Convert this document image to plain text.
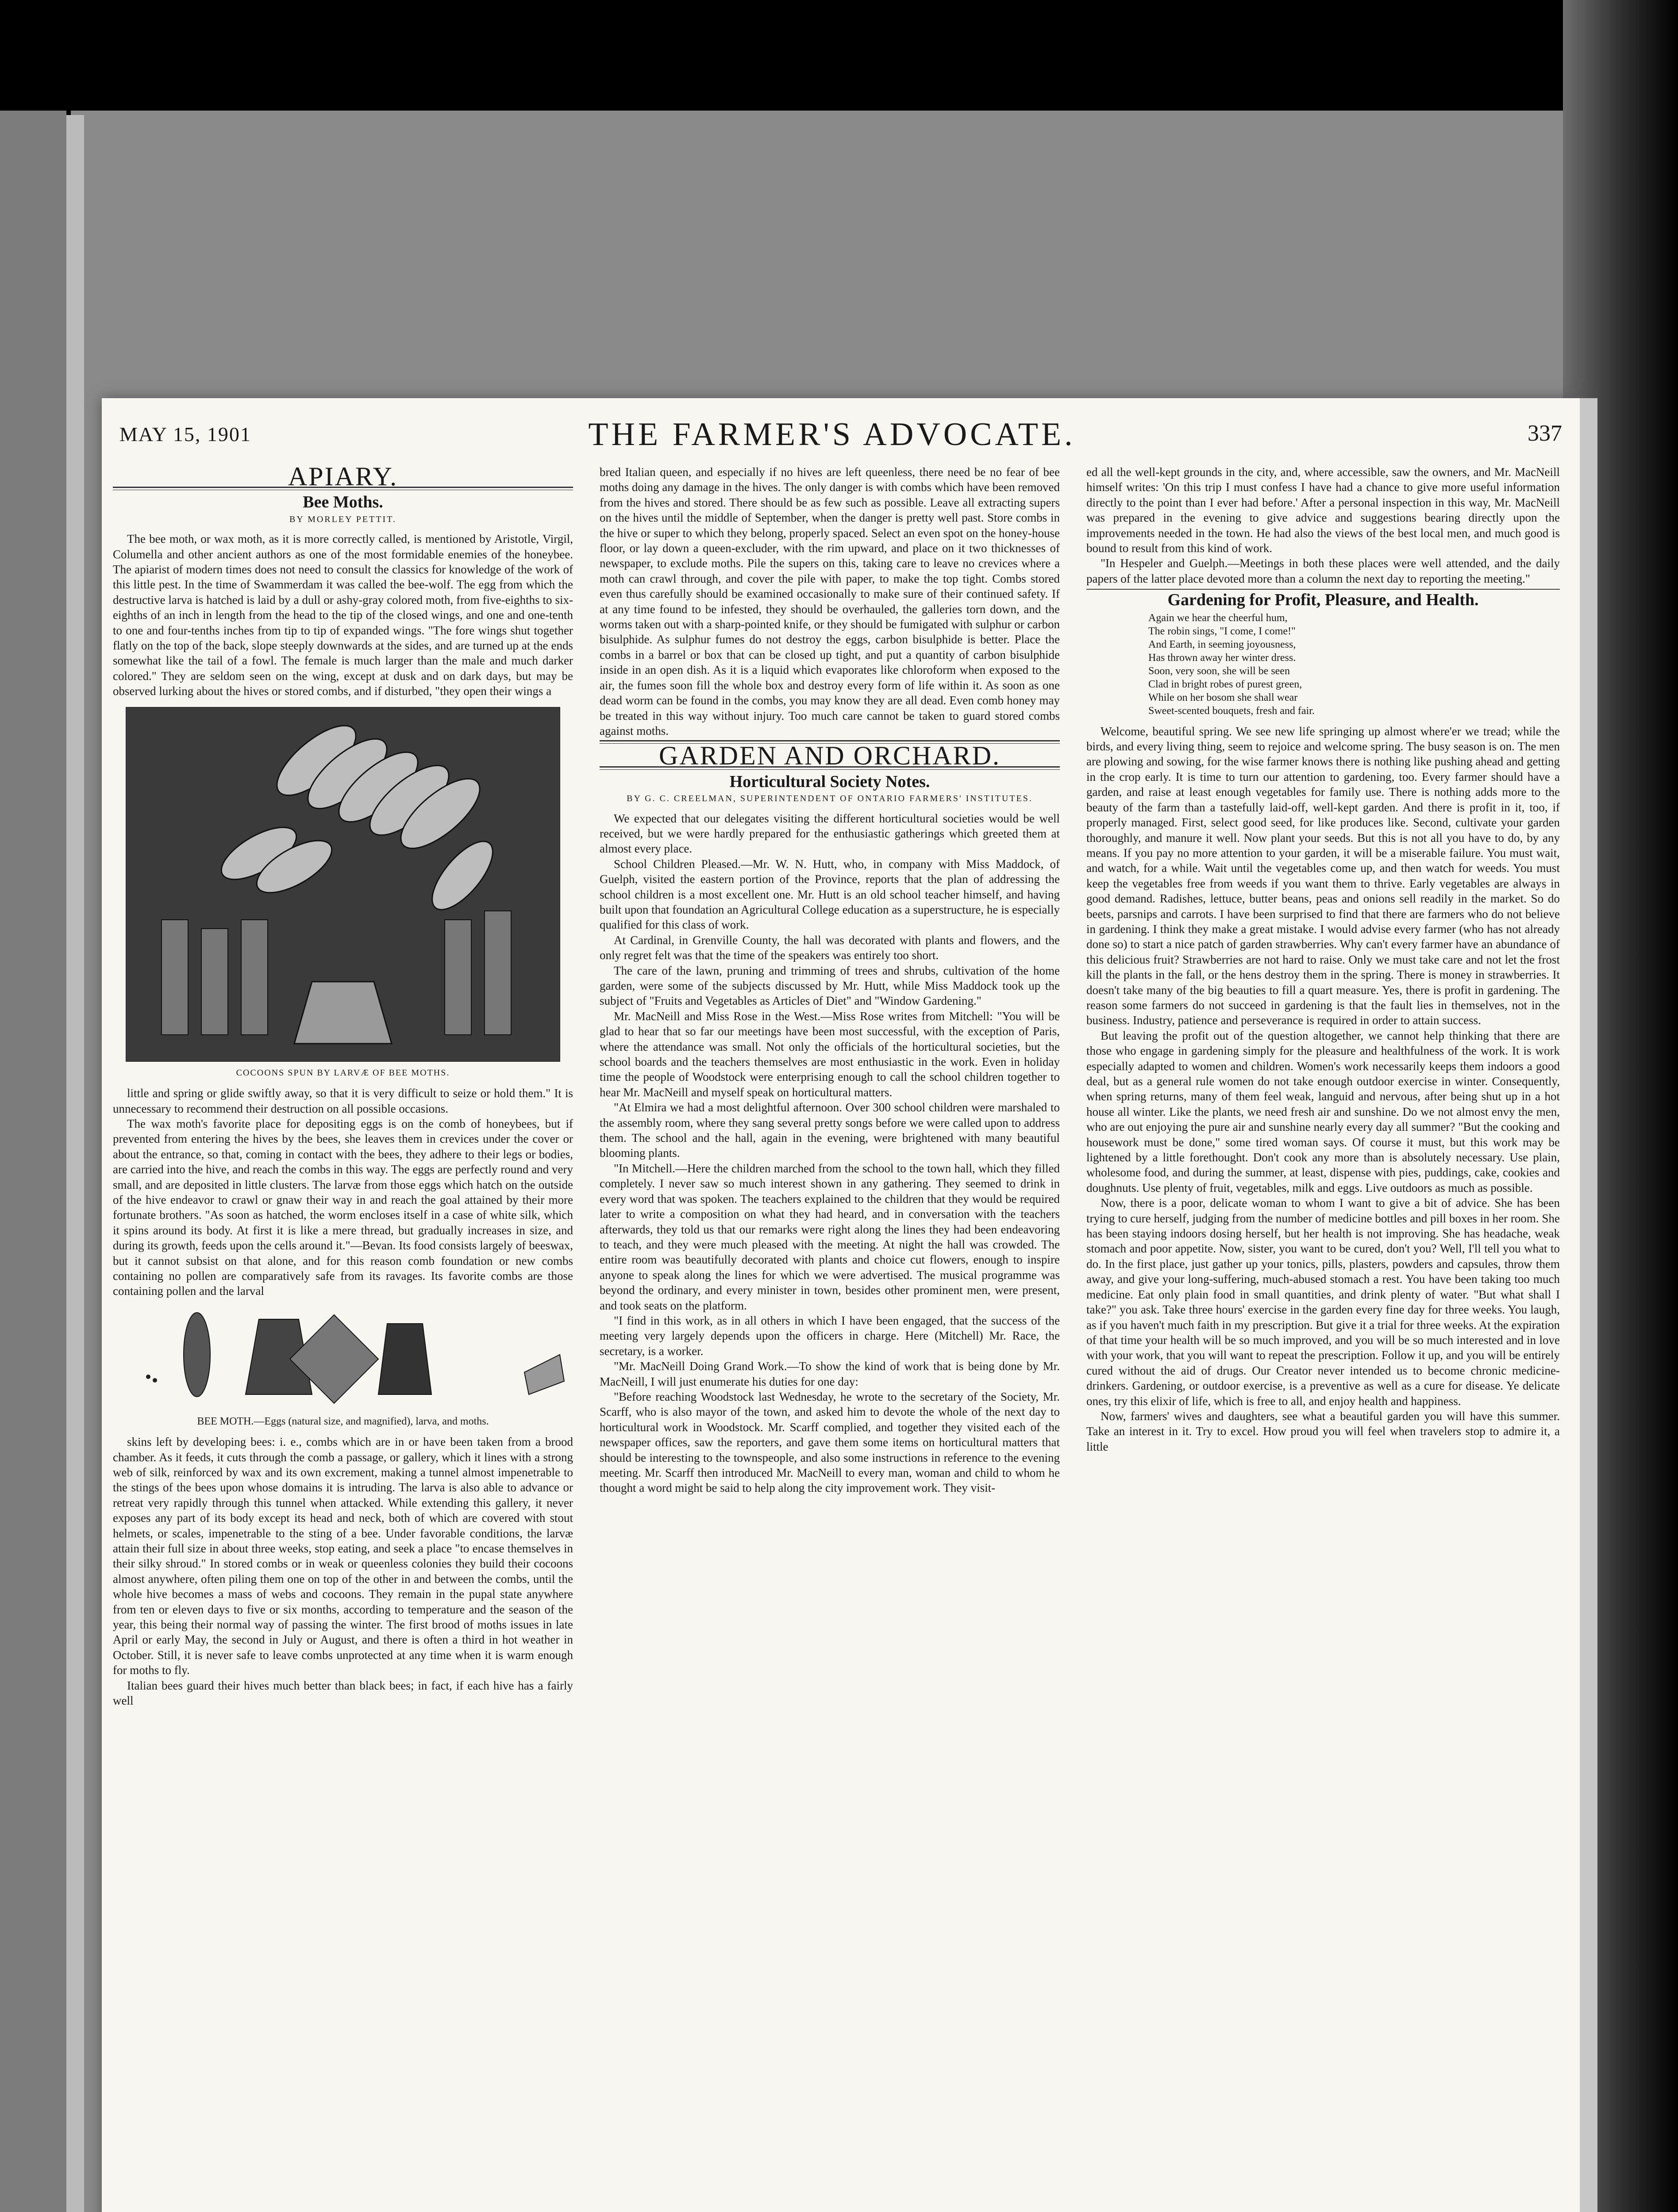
MAY 15, 1901	THE FARMER'S ADVOCATE.	337
APIARY.
Bee Moths.
BY MORLEY PETTIT.

The bee moth, or wax moth, as it is more correctly called, is mentioned by Aristotle, Virgil, Columella and other ancient authors as one of the most formidable enemies of the honeybee. The apiarist of modern times does not need to consult the classics for knowledge of the work of this little pest. In the time of Swammerdam it was called the bee-wolf. The egg from which the destructive larva is hatched is laid by a dull or ashy-gray colored moth, from five-eighths to six-eighths of an inch in length from the head to the tip of the closed wings, and one and one-tenth to one and four-tenths inches from tip to tip of expanded wings. "The fore wings shut together flatly on the top of the back, slope steeply downwards at the sides, and are turned up at the ends somewhat like the tail of a fowl. The female is much larger than the male and much darker colored." They are seldom seen on the wing, except at dusk and on dark days, but may be observed lurking about the hives or stored combs, and if disturbed, "they open their wings a

COCOONS SPUN BY LARVÆ OF BEE MOTHS.

little and spring or glide swiftly away, so that it is very difficult to seize or hold them." It is unnecessary to recommend their destruction on all possible occasions.

The wax moth's favorite place for depositing eggs is on the comb of honeybees, but if prevented from entering the hives by the bees, she leaves them in crevices under the cover or about the entrance, so that, coming in contact with the bees, they adhere to their legs or bodies, are carried into the hive, and reach the combs in this way. The eggs are perfectly round and very small, and are deposited in little clusters. The larvæ from those eggs which hatch on the outside of the hive endeavor to crawl or gnaw their way in and reach the goal attained by their more fortunate brothers. "As soon as hatched, the worm encloses itself in a case of white silk, which it spins around its body. At first it is like a mere thread, but gradually increases in size, and during its growth, feeds upon the cells around it."—Bevan. Its food consists largely of beeswax, but it cannot subsist on that alone, and for this reason comb foundation or new combs containing no pollen are comparatively safe from its ravages. Its favorite combs are those containing pollen and the larval

BEE MOTH.—Eggs (natural size, and magnified), larva, and moths.

skins left by developing bees: i. e., combs which are in or have been taken from a brood chamber. As it feeds, it cuts through the comb a passage, or gallery, which it lines with a strong web of silk, reinforced by wax and its own excrement, making a tunnel almost impenetrable to the stings of the bees upon whose domains it is intruding. The larva is also able to advance or retreat very rapidly through this tunnel when attacked. While extending this gallery, it never exposes any part of its body except its head and neck, both of which are covered with stout helmets, or scales, impenetrable to the sting of a bee. Under favorable conditions, the larvæ attain their full size in about three weeks, stop eating, and seek a place "to encase themselves in their silky shroud." In stored combs or in weak or queenless colonies they build their cocoons almost anywhere, often piling them one on top of the other in and between the combs, until the whole hive becomes a mass of webs and cocoons. They remain in the pupal state anywhere from ten or eleven days to five or six months, according to temperature and the season of the year, this being their normal way of passing the winter. The first brood of moths issues in late April or early May, the second in July or August, and there is often a third in hot weather in October. Still, it is never safe to leave combs unprotected at any time when it is warm enough for moths to fly.

Italian bees guard their hives much better than black bees; in fact, if each hive has a fairly well

bred Italian queen, and especially if no hives are left queenless, there need be no fear of bee moths doing any damage in the hives. The only danger is with combs which have been removed from the hives and stored. There should be as few such as possible. Leave all extracting supers on the hives until the middle of September, when the danger is pretty well past. Store combs in the hive or super to which they belong, properly spaced. Select an even spot on the honey-house floor, or lay down a queen-excluder, with the rim upward, and place on it two thicknesses of newspaper, to exclude moths. Pile the supers on this, taking care to leave no crevices where a moth can crawl through, and cover the pile with paper, to make the top tight. Combs stored even thus carefully should be examined occasionally to make sure of their continued safety. If at any time found to be infested, they should be overhauled, the galleries torn down, and the worms taken out with a sharp-pointed knife, or they should be fumigated with sulphur or carbon bisulphide. As sulphur fumes do not destroy the eggs, carbon bisulphide is better. Place the combs in a barrel or box that can be closed up tight, and put a quantity of carbon bisulphide inside in an open dish. As it is a liquid which evaporates like chloroform when exposed to the air, the fumes soon fill the whole box and destroy every form of life within it. As soon as one dead worm can be found in the combs, you may know they are all dead. Even comb honey may be treated in this way without injury. Too much care cannot be taken to guard stored combs against moths.

GARDEN AND ORCHARD.
Horticultural Society Notes.
BY G. C. CREELMAN, SUPERINTENDENT OF ONTARIO FARMERS' INSTITUTES.

We expected that our delegates visiting the different horticultural societies would be well received, but we were hardly prepared for the enthusiastic gatherings which greeted them at almost every place.

School Children Pleased.—Mr. W. N. Hutt, who, in company with Miss Maddock, of Guelph, visited the eastern portion of the Province, reports that the plan of addressing the school children is a most excellent one. Mr. Hutt is an old school teacher himself, and having built upon that foundation an Agricultural College education as a superstructure, he is especially qualified for this class of work.

At Cardinal, in Grenville County, the hall was decorated with plants and flowers, and the only regret felt was that the time of the speakers was entirely too short.

The care of the lawn, pruning and trimming of trees and shrubs, cultivation of the home garden, were some of the subjects discussed by Mr. Hutt, while Miss Maddock took up the subject of "Fruits and Vegetables as Articles of Diet" and "Window Gardening."

Mr. MacNeill and Miss Rose in the West.—Miss Rose writes from Mitchell: "You will be glad to hear that so far our meetings have been most successful, with the exception of Paris, where the attendance was small. Not only the officials of the horticultural societies, but the school boards and the teachers themselves are most enthusiastic in the work. Even in holiday time the people of Woodstock were enterprising enough to call the school children together to hear Mr. MacNeill and myself speak on horticultural matters.

"At Elmira we had a most delightful afternoon. Over 300 school children were marshaled to the assembly room, where they sang several pretty songs before we were called upon to address them. The school and the hall, again in the evening, were brightened with many beautiful blooming plants.

"In Mitchell.—Here the children marched from the school to the town hall, which they filled completely. I never saw so much interest shown in any gathering. They seemed to drink in every word that was spoken. The teachers explained to the children that they would be required later to write a composition on what they had heard, and in conversation with the teachers afterwards, they told us that our remarks were right along the lines they had been endeavoring to teach, and they were much pleased with the meeting. At night the hall was crowded. The entire room was beautifully decorated with plants and choice cut flowers, enough to inspire anyone to speak along the lines for which we were advertised. The musical programme was beyond the ordinary, and every minister in town, besides other prominent men, were present, and took seats on the platform.

"I find in this work, as in all others in which I have been engaged, that the success of the meeting very largely depends upon the officers in charge. Here (Mitchell) Mr. Race, the secretary, is a worker.

"Mr. MacNeill Doing Grand Work.—To show the kind of work that is being done by Mr. MacNeill, I will just enumerate his duties for one day:

"Before reaching Woodstock last Wednesday, he wrote to the secretary of the Society, Mr. Scarff, who is also mayor of the town, and asked him to devote the whole of the next day to horticultural work in Woodstock. Mr. Scarff complied, and together they visited each of the newspaper offices, saw the reporters, and gave them some items on horticultural matters that should be interesting to the townspeople, and also some instructions in reference to the evening meeting. Mr. Scarff then introduced Mr. MacNeill to every man, woman and child to whom he thought a word might be said to help along the city improvement work. They visit-

ed all the well-kept grounds in the city, and, where accessible, saw the owners, and Mr. MacNeill himself writes: 'On this trip I must confess I have had a chance to give more useful information directly to the point than I ever had before.' After a personal inspection in this way, Mr. MacNeill was prepared in the evening to give advice and suggestions bearing directly upon the improvements needed in the town. He had also the views of the best local men, and much good is bound to result from this kind of work.

"In Hespeler and Guelph.—Meetings in both these places were well attended, and the daily papers of the latter place devoted more than a column the next day to reporting the meeting."

Gardening for Profit, Pleasure, and Health.
Again we hear the cheerful hum,
The robin sings, "I come, I come!"
And Earth, in seeming joyousness,
Has thrown away her winter dress.
Soon, very soon, she will be seen
Clad in bright robes of purest green,
While on her bosom she shall wear
Sweet-scented bouquets, fresh and fair.

Welcome, beautiful spring. We see new life springing up almost where'er we tread; while the birds, and every living thing, seem to rejoice and welcome spring. The busy season is on. The men are plowing and sowing, for the wise farmer knows there is nothing like pushing ahead and getting in the crop early. It is time to turn our attention to gardening, too. Every farmer should have a garden, and raise at least enough vegetables for family use. There is nothing adds more to the beauty of the farm than a tastefully laid-off, well-kept garden. And there is profit in it, too, if properly managed. First, select good seed, for like produces like. Second, cultivate your garden thoroughly, and manure it well. Now plant your seeds. But this is not all you have to do, by any means. If you pay no more attention to your garden, it will be a miserable failure. You must wait, and watch, for a while. Wait until the vegetables come up, and then watch for weeds. You must keep the vegetables free from weeds if you want them to thrive. Early vegetables are always in good demand. Radishes, lettuce, butter beans, peas and onions sell readily in the market. So do beets, parsnips and carrots. I have been surprised to find that there are farmers who do not believe in gardening. I think they make a great mistake. I would advise every farmer (who has not already done so) to start a nice patch of garden strawberries. Why can't every farmer have an abundance of this delicious fruit? Strawberries are not hard to raise. Only we must take care and not let the frost kill the plants in the fall, or the hens destroy them in the spring. There is money in strawberries. It doesn't take many of the big beauties to fill a quart measure. Yes, there is profit in gardening. The reason some farmers do not succeed in gardening is that the fault lies in themselves, not in the business. Industry, patience and perseverance is required in order to attain success.

But leaving the profit out of the question altogether, we cannot help thinking that there are those who engage in gardening simply for the pleasure and healthfulness of the work. It is work especially adapted to women and children. Women's work necessarily keeps them indoors a good deal, but as a general rule women do not take enough outdoor exercise in winter. Consequently, when spring returns, many of them feel weak, languid and nervous, after being shut up in a hot house all winter. Like the plants, we need fresh air and sunshine. Do we not almost envy the men, who are out enjoying the pure air and sunshine nearly every day all summer? "But the cooking and housework must be done," some tired woman says. Of course it must, but this work may be lightened by a little forethought. Don't cook any more than is absolutely necessary. Use plain, wholesome food, and during the summer, at least, dispense with pies, puddings, cake, cookies and doughnuts. Use plenty of fruit, vegetables, milk and eggs. Live outdoors as much as possible.

Now, there is a poor, delicate woman to whom I want to give a bit of advice. She has been trying to cure herself, judging from the number of medicine bottles and pill boxes in her room. She has been staying indoors dosing herself, but her health is not improving. She has headache, weak stomach and poor appetite. Now, sister, you want to be cured, don't you? Well, I'll tell you what to do. In the first place, just gather up your tonics, pills, plasters, powders and capsules, throw them away, and give your long-suffering, much-abused stomach a rest. You have been taking too much medicine. Eat only plain food in small quantities, and drink plenty of water. "But what shall I take?" you ask. Take three hours' exercise in the garden every fine day for three weeks. You laugh, as if you haven't much faith in my prescription. But give it a trial for three weeks. At the expiration of that time your health will be so much improved, and you will be so much interested and in love with your work, that you will want to repeat the prescription. Follow it up, and you will be entirely cured without the aid of drugs. Our Creator never intended us to become chronic medicine-drinkers. Gardening, or outdoor exercise, is a preventive as well as a cure for disease. Ye delicate ones, try this elixir of life, which is free to all, and enjoy health and happiness.

Now, farmers' wives and daughters, see what a beautiful garden you will have this summer. Take an interest in it. Try to excel. How proud you will feel when travelers stop to admire it, a little
